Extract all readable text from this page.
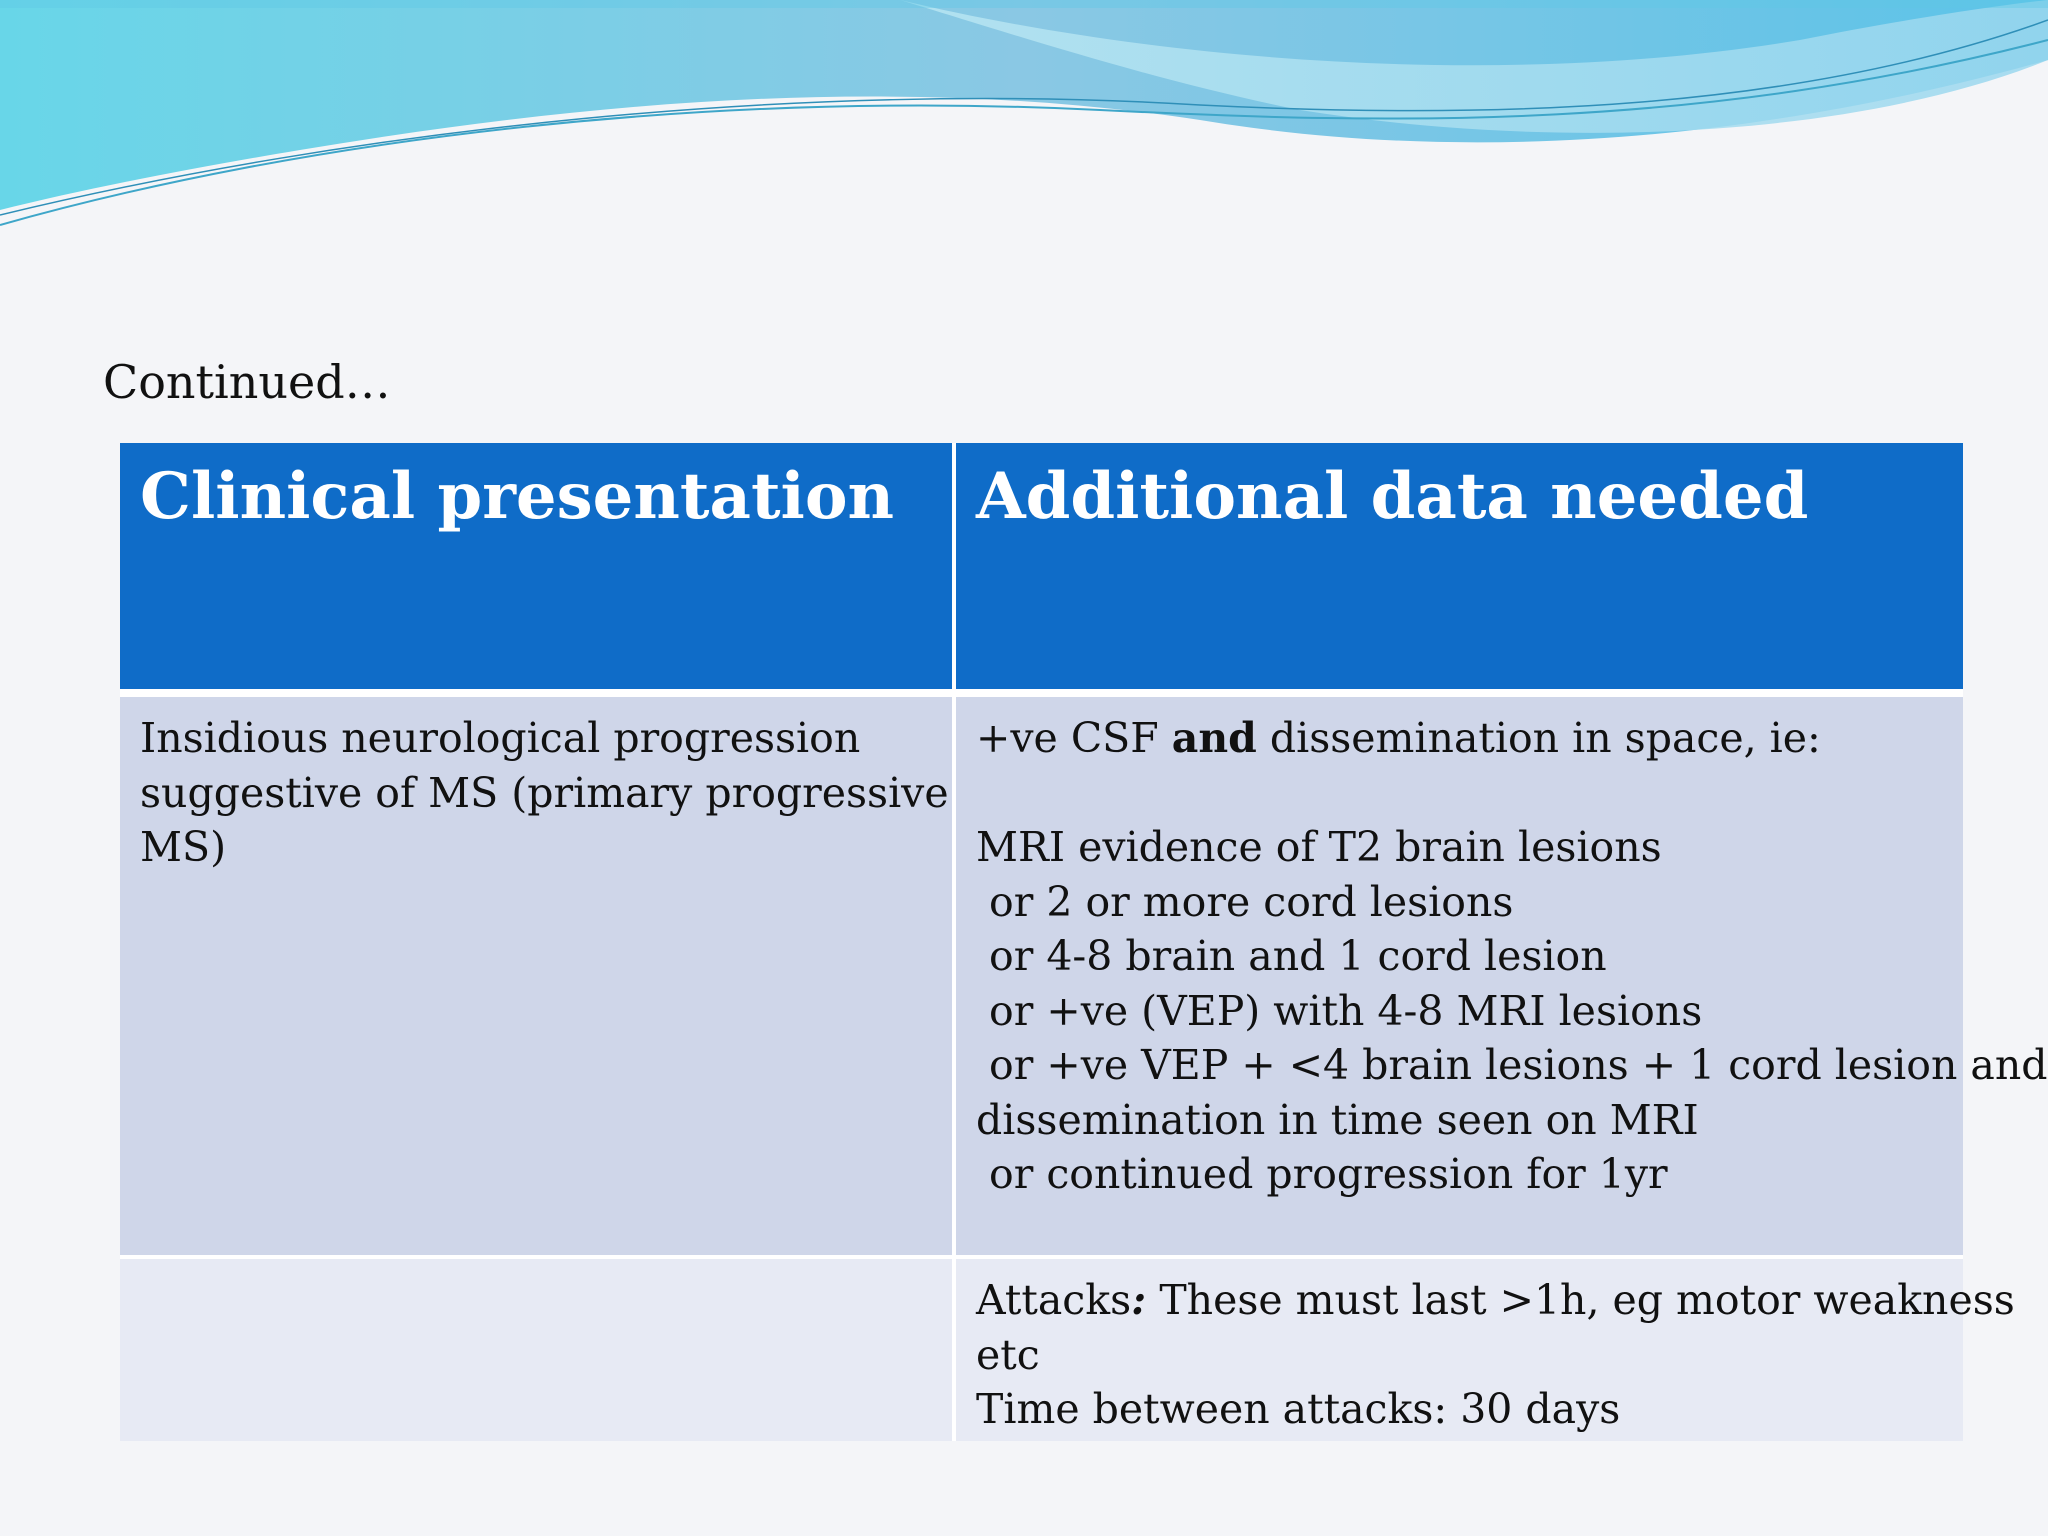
Continued…
Clinical presentation	Additional data needed
Insidious neurological progression
suggestive of MS (primary progressive
MS)
+ve CSF and dissemination in space, ie:
MRI evidence of T2 brain lesions
or 2 or more cord lesions
or 4-8 brain and 1 cord lesion
or +ve (VEP) with 4-8 MRI lesions
or +ve VEP + <4 brain lesions + 1 cord lesion and
dissemination in time seen on MRI
or continued progression for 1yr
Attacks: These must last >1h, eg motor weakness
etc
Time between attacks: 30 days
